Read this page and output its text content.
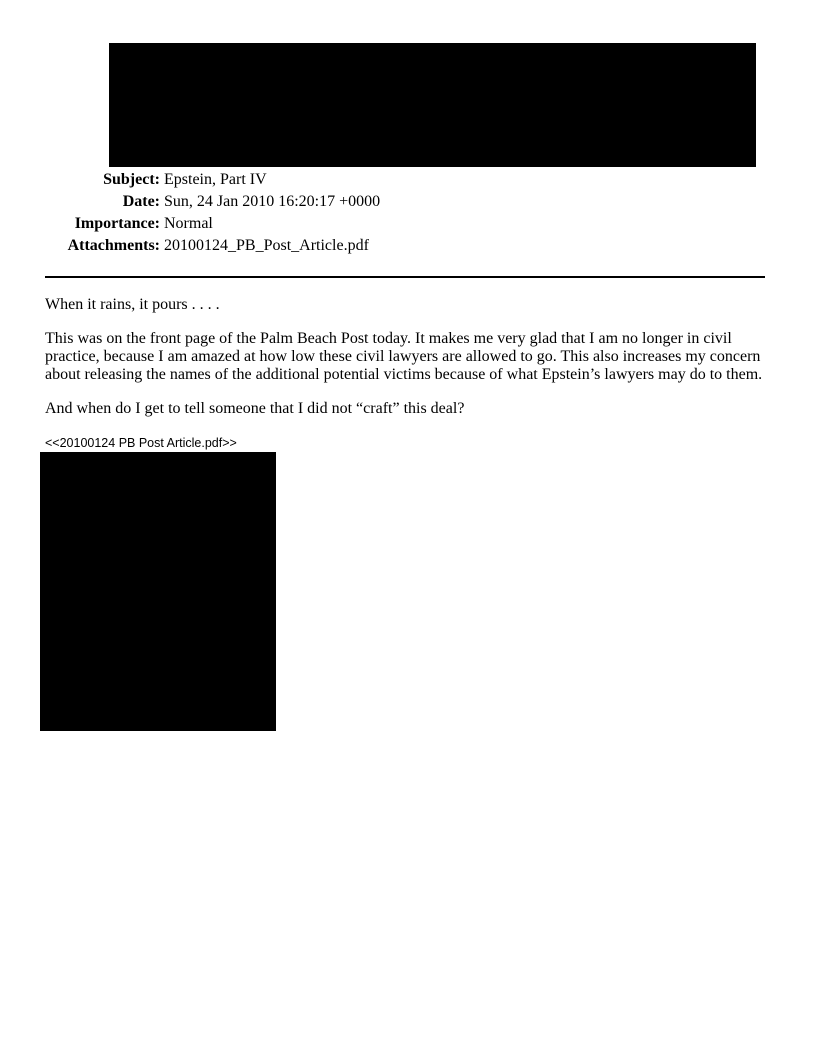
Subject: Epstein, Part IV
Date: Sun, 24 Jan 2010 16:20:17 +0000
Importance: Normal
Attachments: 20100124_PB_Post_Article.pdf

When it rains, it pours . . . .

This was on the front page of the Palm Beach Post today. It makes me very glad that I am no longer in civil practice, because I am amazed at how low these civil lawyers are allowed to go. This also increases my concern about releasing the names of the additional potential victims because of what Epstein’s lawyers may do to them.

And when do I get to tell someone that I did not “craft” this deal?

<<20100124 PB Post Article.pdf>>
